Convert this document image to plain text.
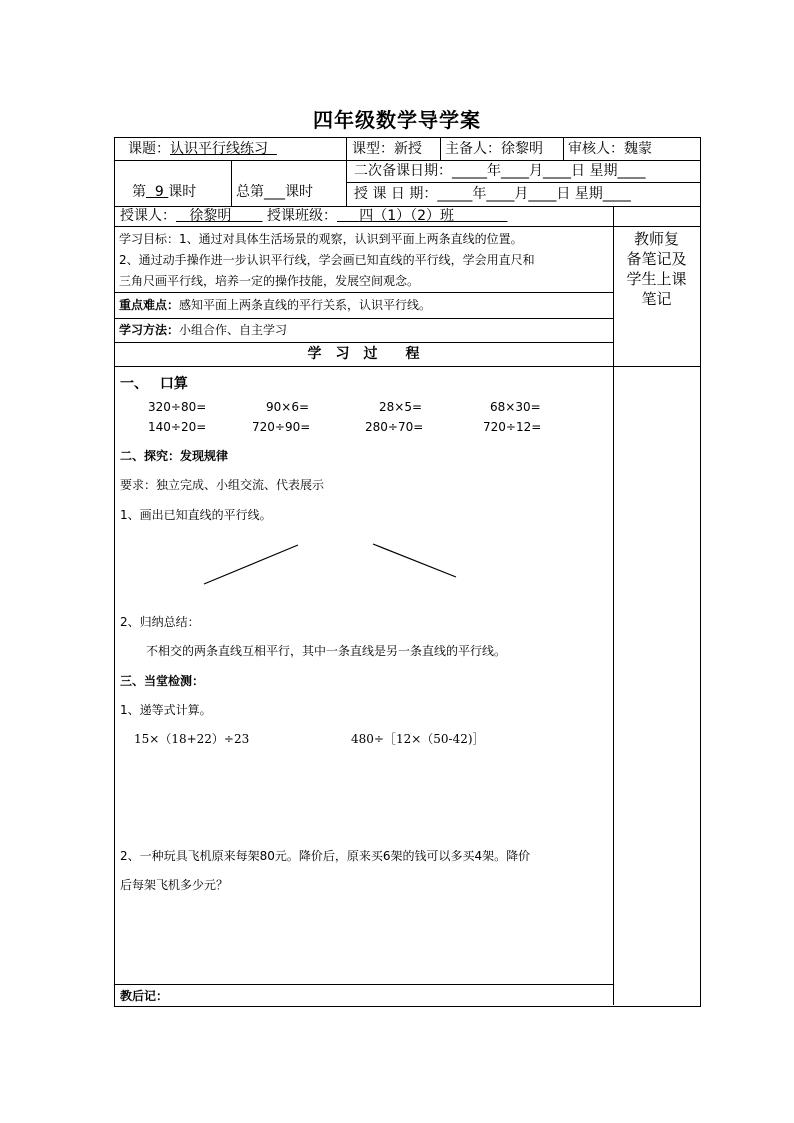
四年级数学导学案
课题：认识平行线练习	课型：新授 主备人：徐黎明 审核人：魏蒙
第 9 课时	总第___课时
二次备课日期：_____年____月____日 星期____
授 课 日 期：_____年____月____日 星期____
授课人： 徐黎明	授课班级： 四（1）（2）班
学习目标：1、通过对具体生活场景的观察，认识到平面上两条直线的位置。
2、通过动手操作进一步认识平行线，学会画已知直线的平行线，学会用直尺和
三角尺画平行线，培养一定的操作技能，发展空间观念。
重点难点：感知平面上两条直线的平行关系，认识平行线。
学习方法：小组合作、自主学习
教师复
备笔记及
学生上课
笔记
学　习　过　　程
一、　 口算
320÷80=	90×6=	28×5=	68×30=
140÷20=	720÷90=	280÷70=	720÷12=
二、探究：发现规律
要求：独立完成、小组交流、代表展示
1、画出已知直线的平行线。
2、归纳总结：
不相交的两条直线互相平行，其中一条直线是另一条直线的平行线。
三、当堂检测：
1、递等式计算。
15×（18+22）÷23	480÷［12×（50-42)］
2、一种玩具飞机原来每架80元。降价后，原来买6架的钱可以多买4架。降价
后每架飞机多少元？
教后记：
